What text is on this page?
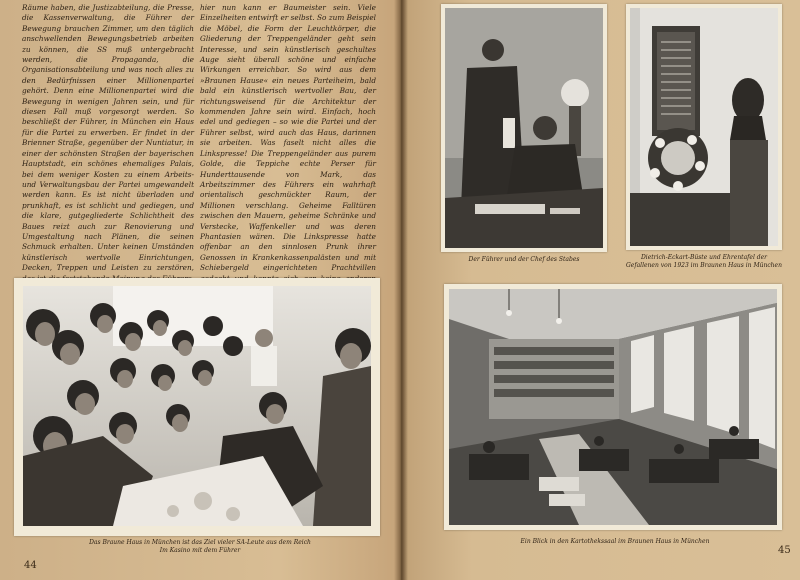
Räume haben, die Justizabteilung, die Presse, die Kassenverwaltung, die Führer der Bewegung brauchen Zimmer, um den täglich anschwellenden Bewegungsbetrieb arbeiten zu können, die SS muß untergebracht werden, die Propaganda, die Organisationsabteilung und was noch alles zu den Bedürfnissen einer Millionenpartei gehört. Denn eine Millionenpartei wird die Bewegung in wenigen Jahren sein, und für diesen Fall muß vorgesorgt werden. So beschließt der Führer, in München ein Haus für die Partei zu erwerben. Er findet in der Brienner Straße, gegenüber der Nuntiatur, in einer der schönsten Straßen der bayerischen Hauptstadt, ein schönes ehemaliges Palais, bei dem weniger Kosten zu einem Arbeits- und Verwaltungsbau der Partei umgewandelt werden kann. Es ist nicht überladen und prunkhaft, es ist schlicht und gediegen, und die klare, gutgegliederte Schlichtheit des Baues reizt auch zur Renovierung und Umgestaltung nach Plänen, die seinen Schmuck erhalten. Unter keinen Umständen künstlerisch wertvolle Einrichtungen, Decken, Treppen und Leisten zu zerstören,

hier nun kann er Baumeister sein. Viele Einzelheiten entwirft er selbst. So zum Beispiel die Möbel, die Form der Leuchtkörper, die Gliederung der Treppengeländer geht sein Interesse, und sein künstlerisch geschultes Auge sieht überall schöne und einfache Wirkungen erreichbar. So wird aus dem »Braunen Hause« ein neues Parteiheim, bald bald ein künstlerisch wertvoller Bau, der richtungsweisend für die Architektur der kommenden Jahre sein wird. Einfach, hoch edel und gediegen – so wie die Partei und der Führer selbst, wird auch das Haus, darinnen sie arbeiten. Was faselt nicht alles die Linkspresse! Die Treppengeländer aus purem Golde, die Teppiche echte Perser für Hunderttausende von Mark, das Arbeitszimmer des Führers ein wahrhaft orientalisch geschmückter Raum, der Millionen verschlang. Geheime Falltüren zwischen den Mauern, geheime Schränke und Verstecke, Waffenkeller und was deren Phantasien wären. Die Linkspresse hatte offenbar an den sinnlosen Prunk ihrer Genossen in Krankenkassenpalästen und mit Schiebergeld eingerichteten Prachtvillen

Das Braune Haus in München ist das Ziel vieler SA-Leute aus dem Reich
Im Kasino mit dem Führer
44
Der Führer und der Chef des Stabes	Dietrich-Eckart-Büste und Ehrentafel der Gefallenen von 1923 im Braunen Haus in München
Ein Blick in den Kartothekssaal im Braunen Haus in München
45
